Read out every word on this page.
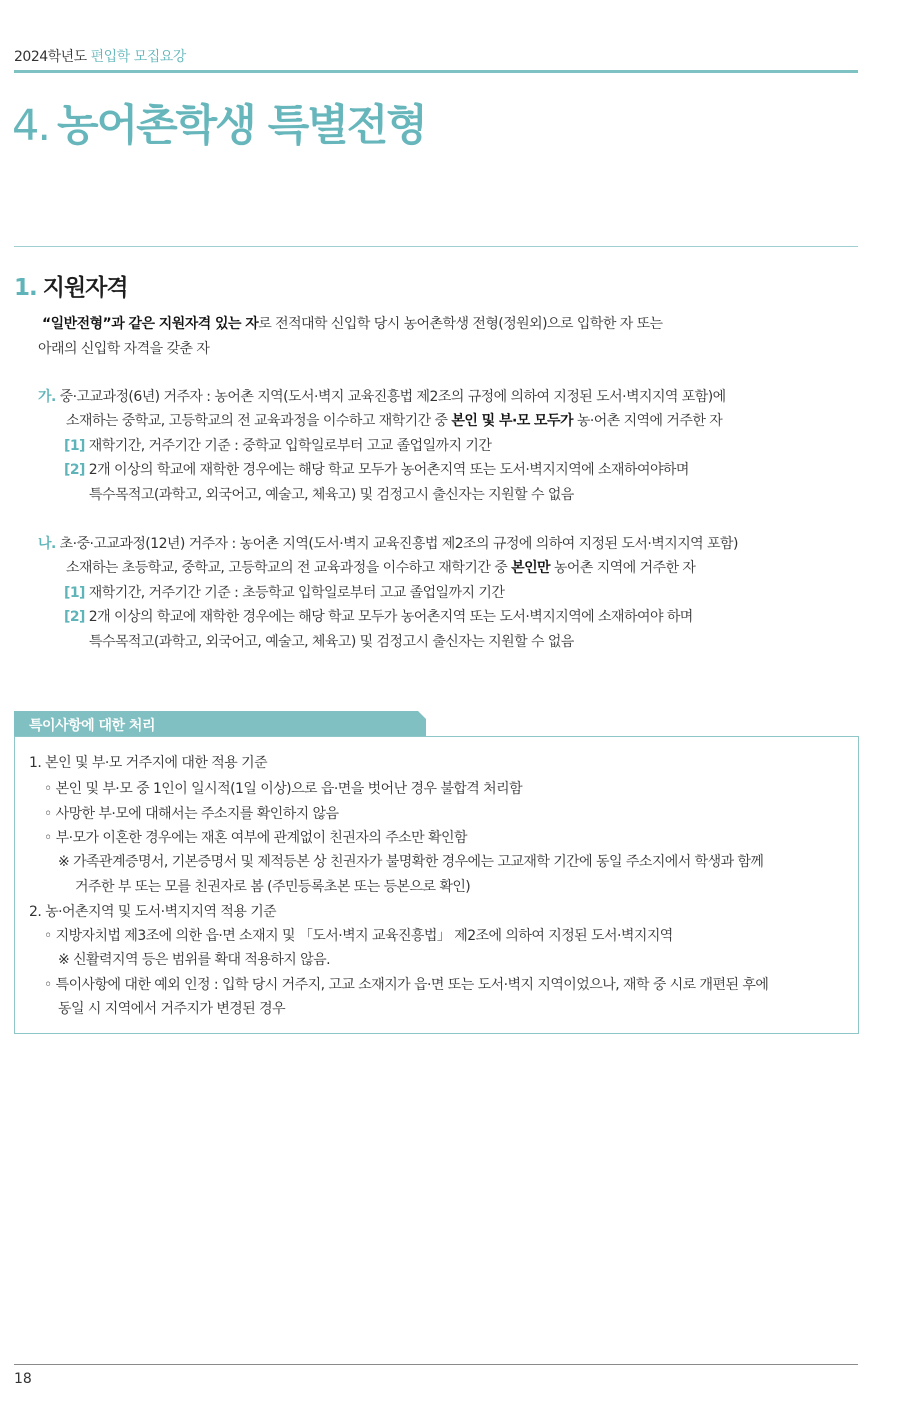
2024학년도 편입학 모집요강
4. 농어촌학생 특별전형
1. 지원자격
“일반전형”과 같은 지원자격 있는 자로 전적대학 신입학 당시 농어촌학생 전형(정원외)으로 입학한 자 또는
아래의 신입학 자격을 갖춘 자
가. 중·고교과정(6년) 거주자 : 농어촌 지역(도서·벽지 교육진흥법 제2조의 규정에 의하여 지정된 도서·벽지지역 포함)에
소재하는 중학교, 고등학교의 전 교육과정을 이수하고 재학기간 중 본인 및 부·모 모두가 농·어촌 지역에 거주한 자
[1] 재학기간, 거주기간 기준 : 중학교 입학일로부터 고교 졸업일까지 기간
[2] 2개 이상의 학교에 재학한 경우에는 해당 학교 모두가 농어촌지역 또는 도서·벽지지역에 소재하여야하며
특수목적고(과학고, 외국어고, 예술고, 체육고) 및 검정고시 출신자는 지원할 수 없음
나. 초·중·고교과정(12년) 거주자 : 농어촌 지역(도서·벽지 교육진흥법 제2조의 규정에 의하여 지정된 도서·벽지지역 포함)
소재하는 초등학교, 중학교, 고등학교의 전 교육과정을 이수하고 재학기간 중 본인만 농어촌 지역에 거주한 자
[1] 재학기간, 거주기간 기준 : 초등학교 입학일로부터 고교 졸업일까지 기간
[2] 2개 이상의 학교에 재학한 경우에는 해당 학교 모두가 농어촌지역 또는 도서·벽지지역에 소재하여야 하며
특수목적고(과학고, 외국어고, 예술고, 체육고) 및 검정고시 출신자는 지원할 수 없음
특이사항에 대한 처리
1. 본인 및 부·모 거주지에 대한 적용 기준
◦ 본인 및 부·모 중 1인이 일시적(1일 이상)으로 읍·면을 벗어난 경우 불합격 처리함
◦ 사망한 부·모에 대해서는 주소지를 확인하지 않음
◦ 부·모가 이혼한 경우에는 재혼 여부에 관계없이 친권자의 주소만 확인함
※ 가족관계증명서, 기본증명서 및 제적등본 상 친권자가 불명확한 경우에는 고교재학 기간에 동일 주소지에서 학생과 함께
거주한 부 또는 모를 친권자로 봄 (주민등록초본 또는 등본으로 확인)
2. 농·어촌지역 및 도서·벽지지역 적용 기준
◦ 지방자치법 제3조에 의한 읍·면 소재지 및 「도서·벽지 교육진흥법」 제2조에 의하여 지정된 도서·벽지지역
※ 신활력지역 등은 범위를 확대 적용하지 않음.
◦ 특이사항에 대한 예외 인정 : 입학 당시 거주지, 고교 소재지가 읍·면 또는 도서·벽지 지역이었으나, 재학 중 시로 개편된 후에
동일 시 지역에서 거주지가 변경된 경우
18
